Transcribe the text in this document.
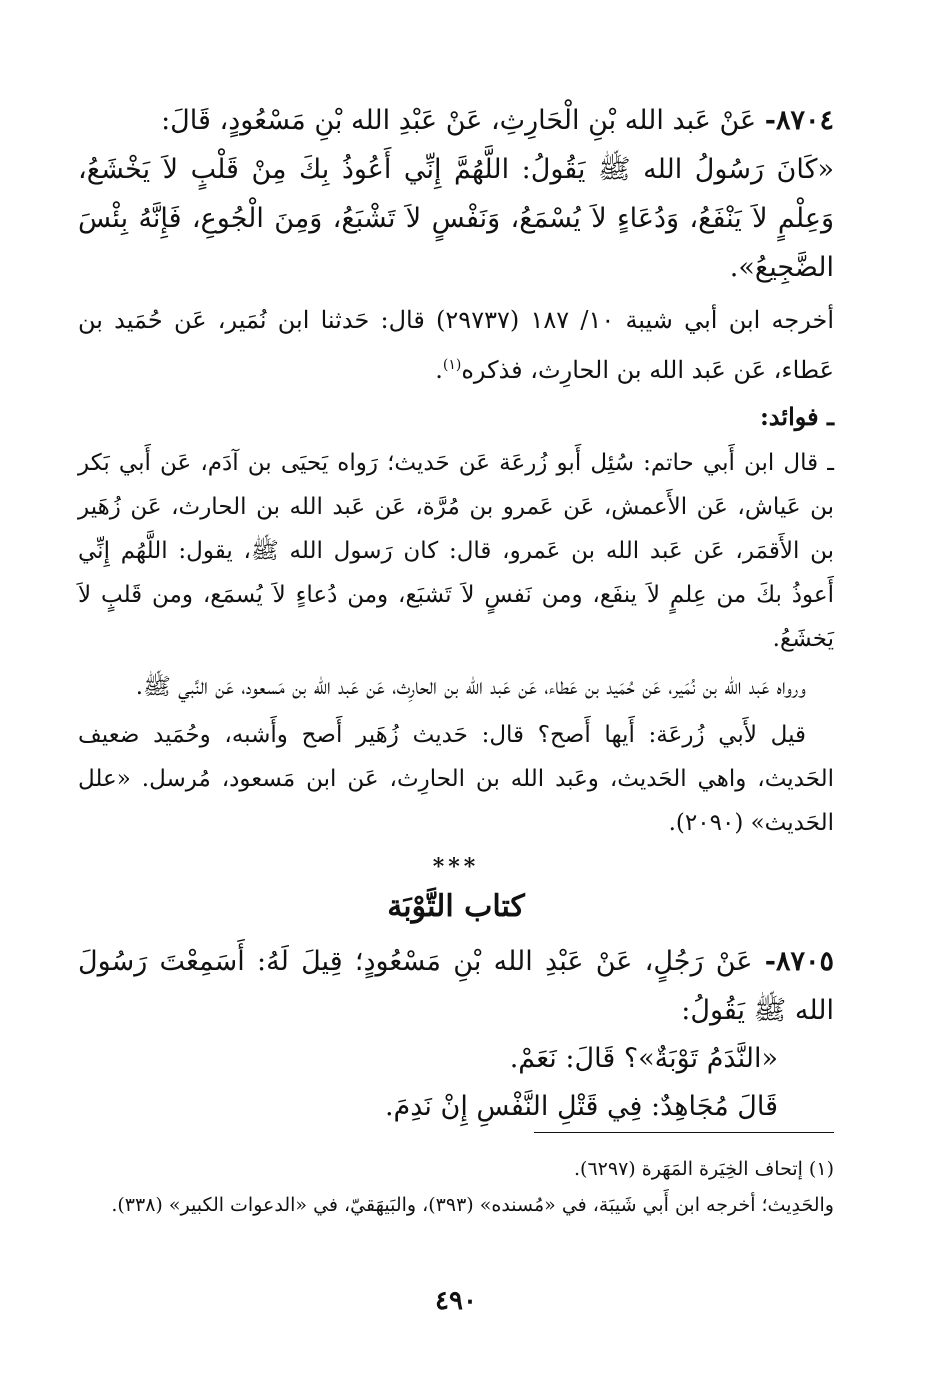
٨٧٠٤- عَنْ عَبد الله بْنِ الْحَارِثِ، عَنْ عَبْدِ الله بْنِ مَسْعُودٍ، قَالَ:
«كَانَ رَسُولُ الله ﷺ يَقُولُ: اللَّهُمَّ إِنِّي أَعُوذُ بِكَ مِنْ قَلْبٍ لاَ يَخْشَعُ، وَعِلْمٍ لاَ يَنْفَعُ، وَدُعَاءٍ لاَ يُسْمَعُ، وَنَفْسٍ لاَ تَشْبَعُ، وَمِنَ الْجُوعِ، فَإِنَّهُ بِئْسَ الضَّجِيعُ».

أخرجه ابن أبي شيبة ١٠/ ١٨٧ (٢٩٧٣٧) قال: حَدثنا ابن نُمَير، عَن حُمَيد بن عَطاء، عَن عَبد الله بن الحارِث، فذكره$^{(١)}$.

ـ فوائد:

ـ قال ابن أَبي حاتم: سُئِل أَبو زُرعَة عَن حَديث؛ رَواه يَحيَى بن آدَم، عَن أَبي بَكر بن عَياش، عَن الأَعمش، عَن عَمرو بن مُرَّة، عَن عَبد الله بن الحارث، عَن زُهَير بن الأَقمَر، عَن عَبد الله بن عَمرو، قال: كان رَسول الله ﷺ، يقول: اللَّهُم إِنِّي أَعوذُ بكَ من عِلمٍ لاَ ينفَع، ومن نَفسٍ لاَ تَشبَع، ومن دُعاءٍ لاَ يُسمَع، ومن قَلبٍ لاَ يَخشَعُ.

ورواه عَبد الله بن نُمَير، عَن حُمَيد بن عَطاء، عَن عَبد الله بن الحارِث، عَن عَبد الله بن مَسعود، عَن النَّبي ﷺ.

قيل لأَبي زُرعَة: أَيها أَصح؟ قال: حَديث زُهَير أَصح وأَشبه، وحُمَيد ضعيف الحَديث، واهي الحَديث، وعَبد الله بن الحارِث، عَن ابن مَسعود، مُرسل. «علل الحَديث» (٢٠٩٠).

***
كتاب التَّوْبَة

٨٧٠٥- عَنْ رَجُلٍ، عَنْ عَبْدِ الله بْنِ مَسْعُودٍ؛ قِيلَ لَهُ: أَسَمِعْتَ رَسُولَ الله ﷺ يَقُولُ:

«النَّدَمُ تَوْبَةٌ»؟ قَالَ: نَعَمْ.

قَالَ مُجَاهِدٌ: فِي قَتْلِ النَّفْسِ إِنْ نَدِمَ.

(١) إتحاف الخِيَرة المَهَرة (٦٢٩٧).

والحَدِيث؛ أخرجه ابن أَبي شَيبَة، في «مُسنده» (٣٩٣)، والبَيهَقيّ، في «الدعوات الكبير» (٣٣٨).

٤٩٠
